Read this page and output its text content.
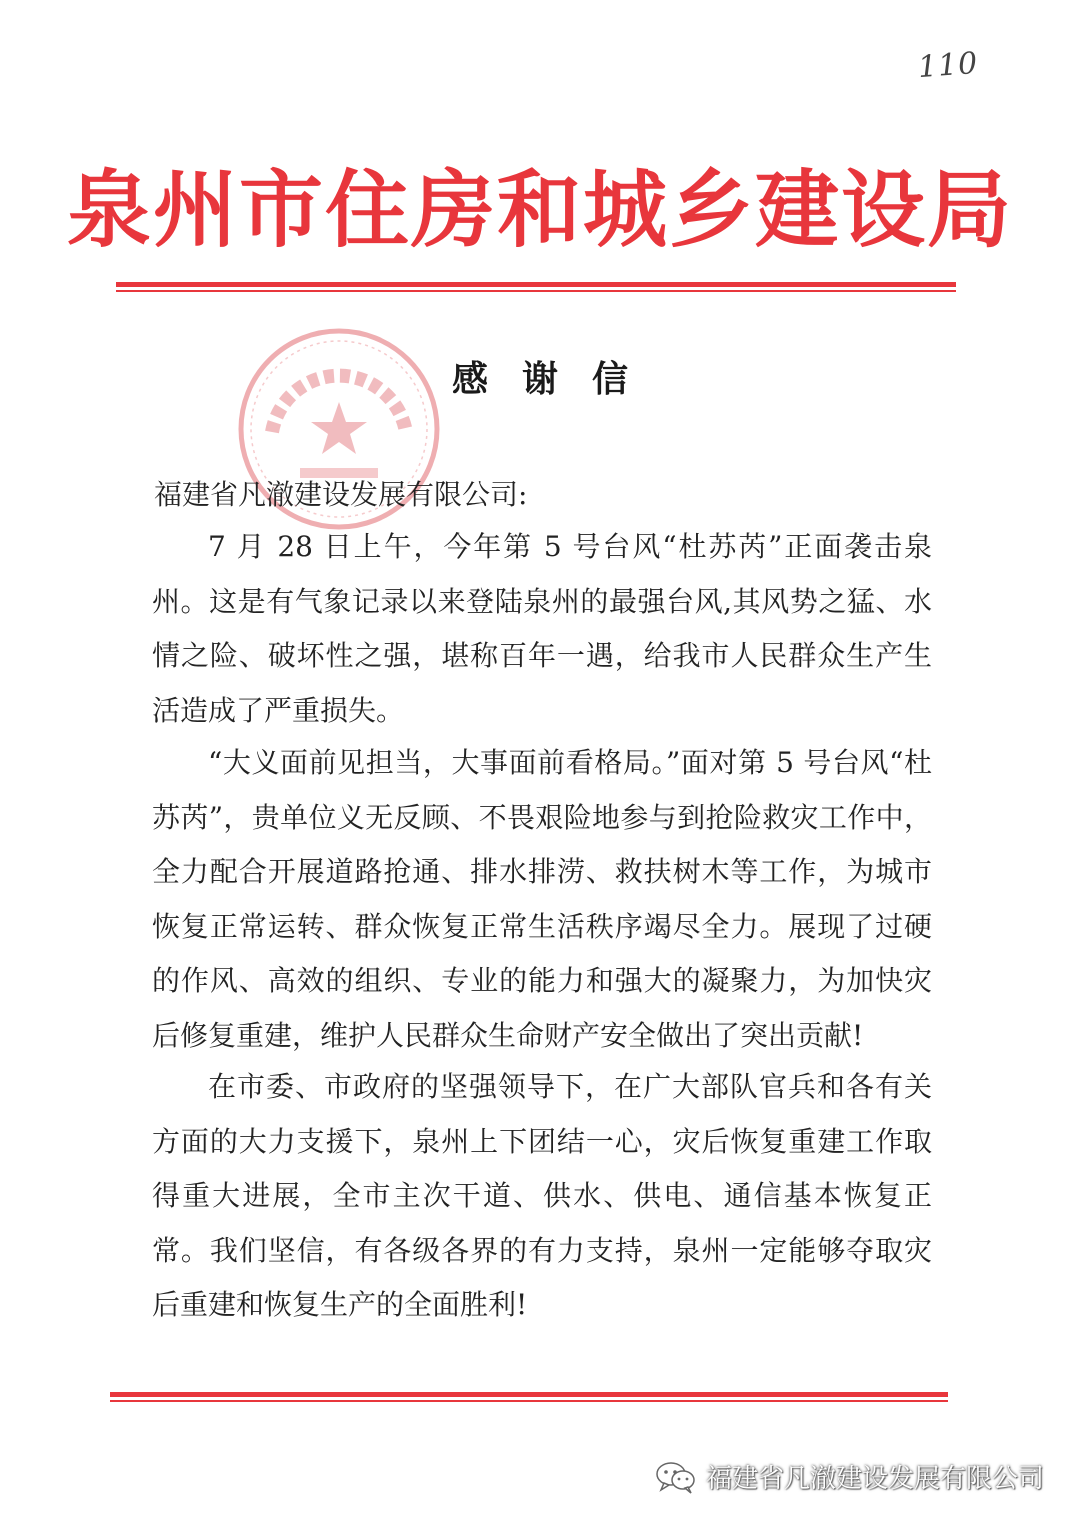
110
泉州市住房和城乡建设局
感谢信
福建省凡澈建设发展有限公司:

7 月 28 日上午，今年第 5 号台风“杜苏芮”正面袭击泉州。这是有气象记录以来登陆泉州的最强台风,其风势之猛、水情之险、破坏性之强，堪称百年一遇，给我市人民群众生产生活造成了严重损失。

“大义面前见担当，大事面前看格局。”面对第 5 号台风“杜苏芮”，贵单位义无反顾、不畏艰险地参与到抢险救灾工作中，全力配合开展道路抢通、排水排涝、救扶树木等工作，为城市恢复正常运转、群众恢复正常生活秩序竭尽全力。展现了过硬的作风、高效的组织、专业的能力和强大的凝聚力，为加快灾后修复重建，维护人民群众生命财产安全做出了突出贡献!

在市委、市政府的坚强领导下，在广大部队官兵和各有关方面的大力支援下，泉州上下团结一心，灾后恢复重建工作取得重大进展，全市主次干道、供水、供电、通信基本恢复正常。我们坚信，有各级各界的有力支持，泉州一定能够夺取灾后重建和恢复生产的全面胜利!

福建省凡澈建设发展有限公司
